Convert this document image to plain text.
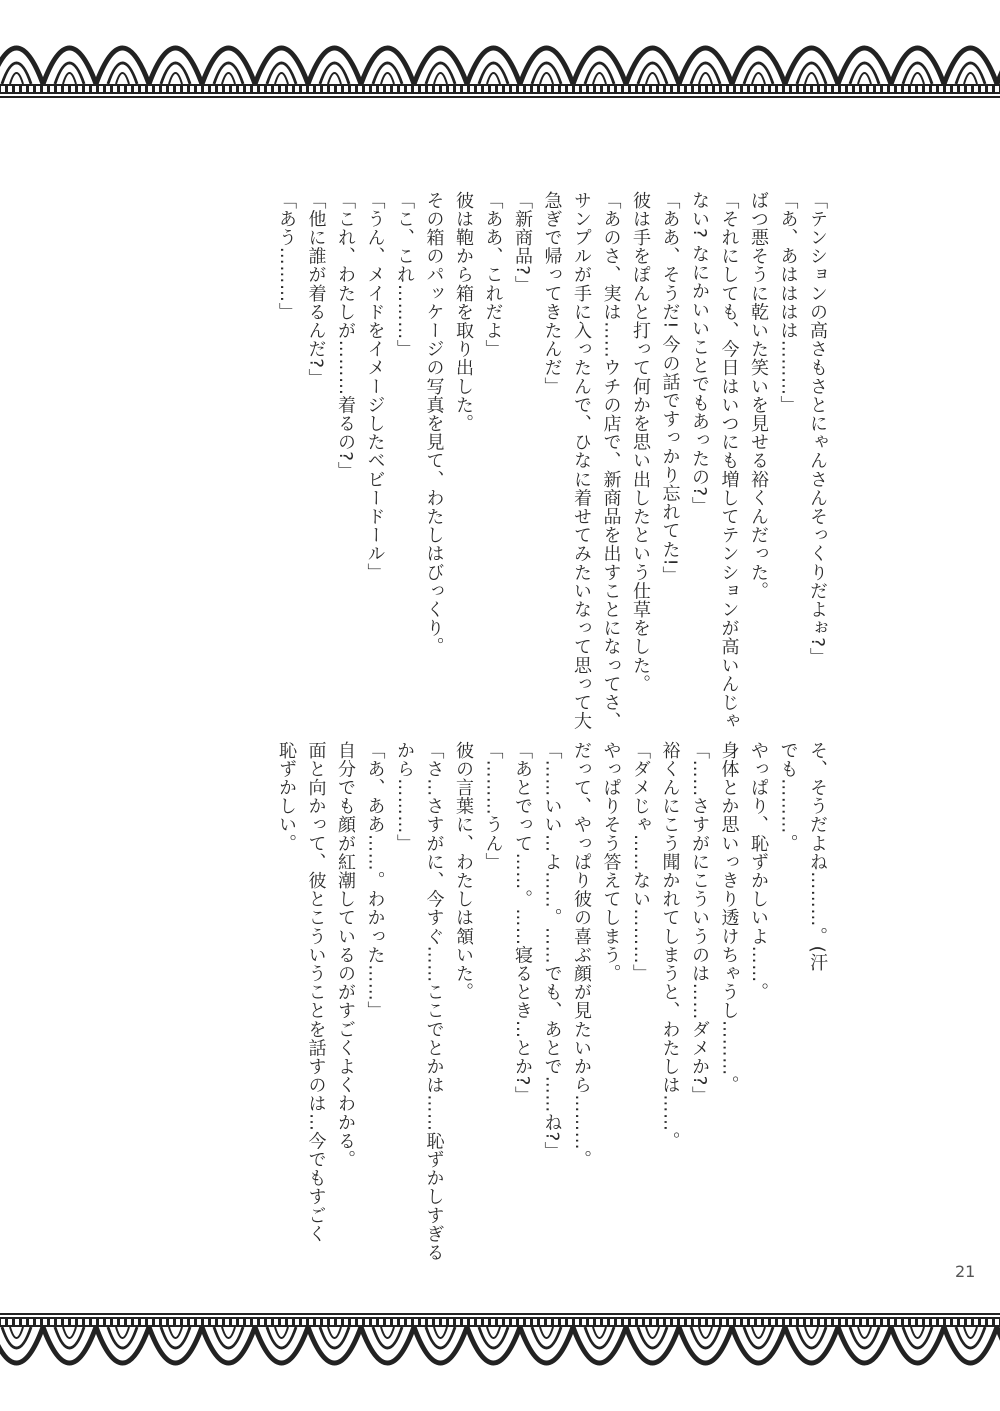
「テンションの高さもさとにゃんさんそっくりだよぉ?」
「あ、あはははは………」
ばつ悪そうに乾いた笑いを見せる裕くんだった。
「それにしても、今日はいつにも増してテンションが高いんじゃ
ない? なにかいいことでもあったの?」
「ああ、そうだ! 今の話ですっかり忘れてた!」
彼は手をぽんと打って何かを思い出したという仕草をした。
「あのさ、実は……ウチの店で、新商品を出すことになってさ、
サンプルが手に入ったんで、ひなに着せてみたいなって思って大
急ぎで帰ってきたんだ」
「新商品?」
「ああ、これだよ」
彼は鞄から箱を取り出した。
その箱のパッケージの写真を見て、わたしはびっくり。
「こ、これ………」
「うん、メイドをイメージしたベビードール」
「これ、わたしが………着るの?」
「他に誰が着るんだ?」
「あう………」
そ、そうだよね………。(汗
でも………。
やっぱり、恥ずかしいよ……。
身体とか思いっきり透けちゃうし………。
「……さすがにこういうのは……ダメか?」
裕くんにこう聞かれてしまうと、わたしは……。
「ダメじゃ……ない………」
やっぱりそう答えてしまう。
だって、やっぱり彼の喜ぶ顔が見たいから………。
「……いい…よ……。……でも、あとで……ね?」
「あとでって……。……寝るとき…とか?」
「………うん」
彼の言葉に、わたしは頷いた。
「さ…さすがに、今すぐ……ここでとかは……恥ずかしすぎる
から………」
「あ、ああ……。わかった……」
自分でも顔が紅潮しているのがすごくよくわかる。
面と向かって、彼とこういうことを話すのは…今でもすごく
恥ずかしい。
21
